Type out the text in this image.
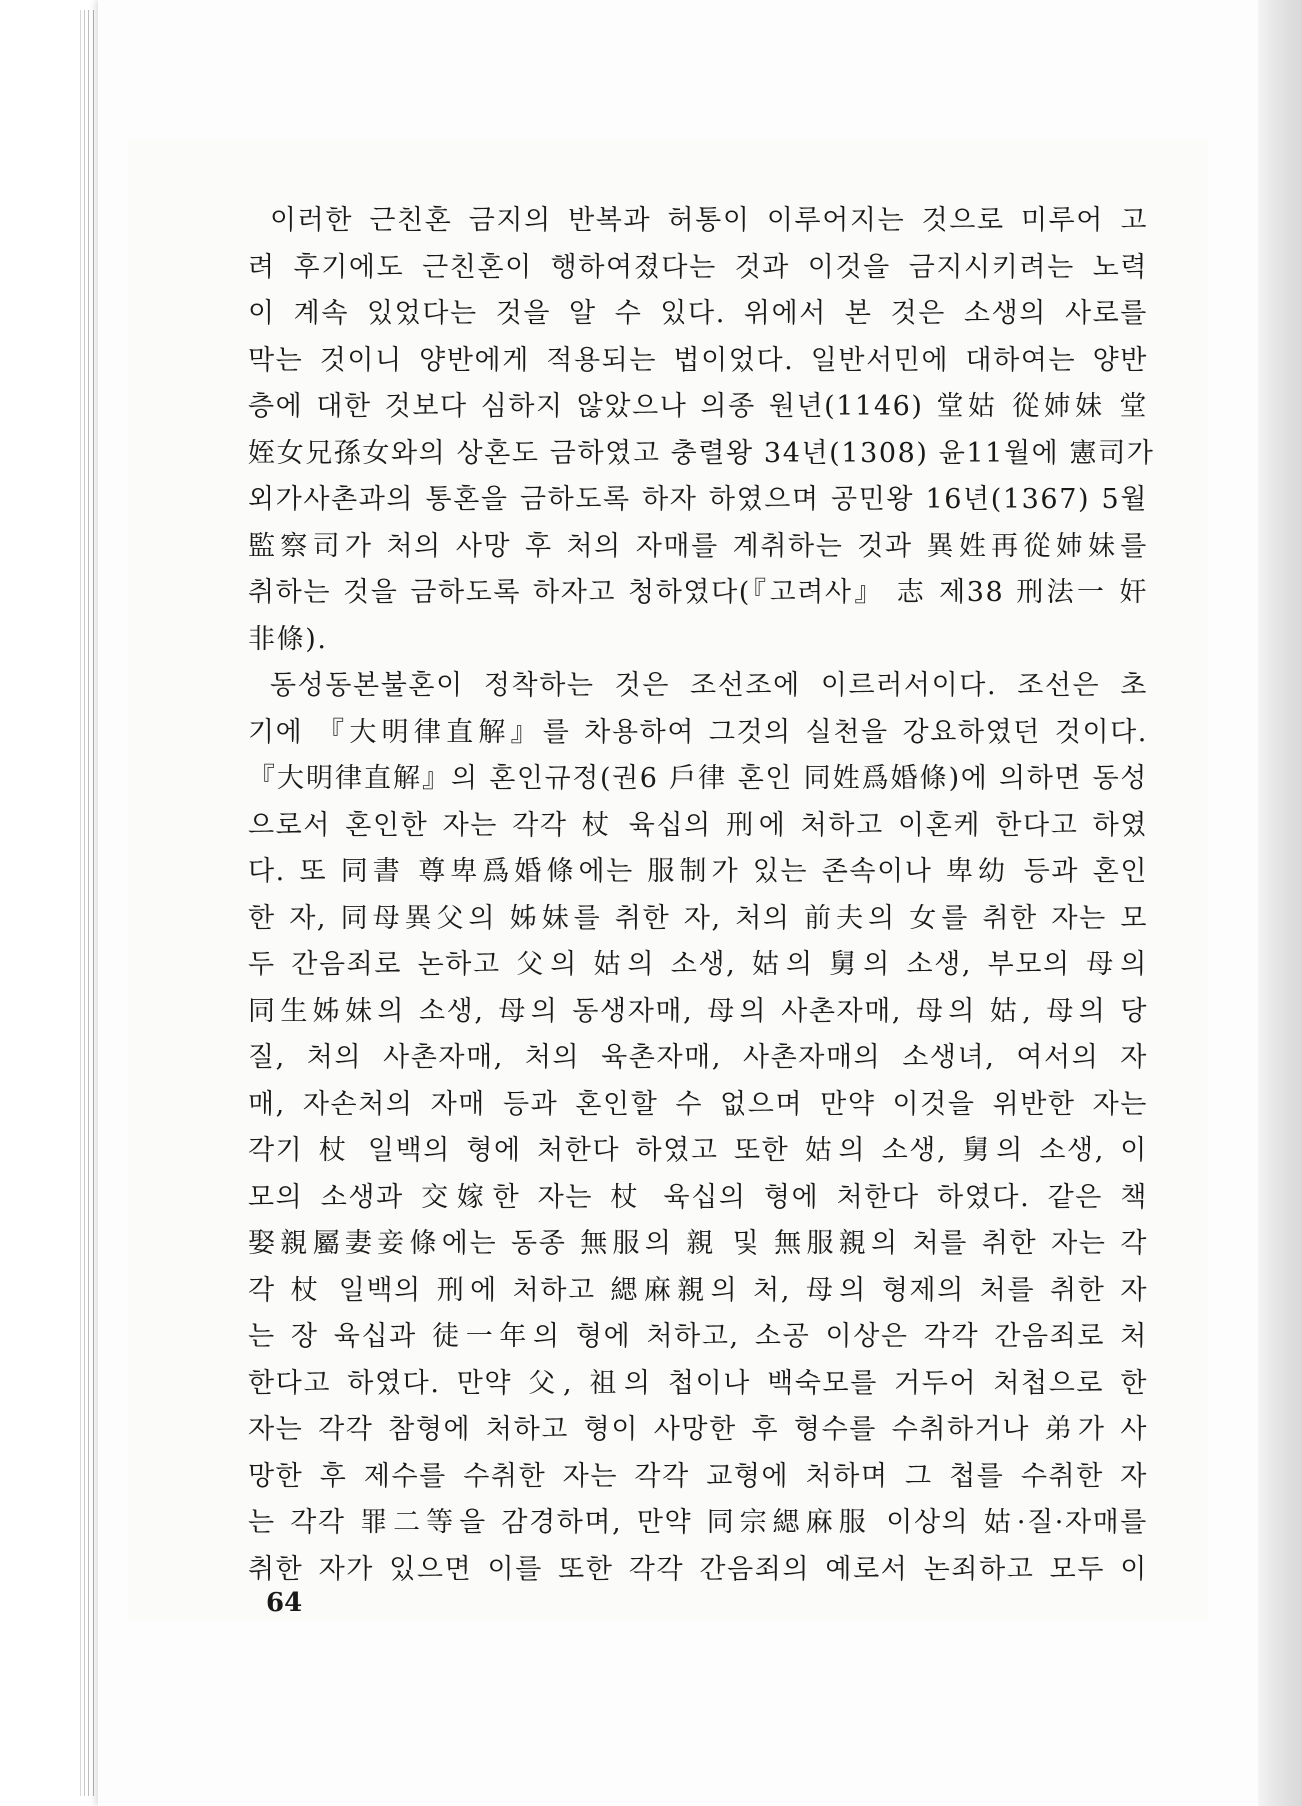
이러한 근친혼 금지의 반복과 허통이 이루어지는 것으로 미루어 고
려 후기에도 근친혼이 행하여졌다는 것과 이것을 금지시키려는 노력
이 계속 있었다는 것을 알 수 있다. 위에서 본 것은 소생의 사로를
막는 것이니 양반에게 적용되는 법이었다. 일반서민에 대하여는 양반
층에 대한 것보다 심하지 않았으나 의종 원년(1146) 堂姑 從姉妹 堂
姪女兄孫女와의 상혼도 금하였고 충렬왕 34년(1308) 윤11월에 憲司가
외가사촌과의 통혼을 금하도록 하자 하였으며 공민왕 16년(1367) 5월
監察司가 처의 사망 후 처의 자매를 계취하는 것과 異姓再從姉妹를
취하는 것을 금하도록 하자고 청하였다(『고려사』 志 제38 刑法一 奸
非條).
동성동본불혼이 정착하는 것은 조선조에 이르러서이다. 조선은 초
기에 『大明律直解』를 차용하여 그것의 실천을 강요하였던 것이다.
『大明律直解』의 혼인규정(권6 戶律 혼인 同姓爲婚條)에 의하면 동성
으로서 혼인한 자는 각각 杖 육십의 刑에 처하고 이혼케 한다고 하였
다. 또 同書 尊卑爲婚條에는 服制가 있는 존속이나 卑幼 등과 혼인
한 자, 同母異父의 姊妹를 취한 자, 처의 前夫의 女를 취한 자는 모
두 간음죄로 논하고 父의 姑의 소생, 姑의 舅의 소생, 부모의 母의
同生姊妹의 소생, 母의 동생자매, 母의 사촌자매, 母의 姑, 母의 당
질, 처의 사촌자매, 처의 육촌자매, 사촌자매의 소생녀, 여서의 자
매, 자손처의 자매 등과 혼인할 수 없으며 만약 이것을 위반한 자는
각기 杖 일백의 형에 처한다 하였고 또한 姑의 소생, 舅의 소생, 이
모의 소생과 交嫁한 자는 杖 육십의 형에 처한다 하였다. 같은 책
娶親屬妻妾條에는 동종 無服의 親 및 無服親의 처를 취한 자는 각
각 杖 일백의 刑에 처하고 緦麻親의 처, 母의 형제의 처를 취한 자
는 장 육십과 徒一年의 형에 처하고, 소공 이상은 각각 간음죄로 처
한다고 하였다. 만약 父, 祖의 첩이나 백숙모를 거두어 처첩으로 한
자는 각각 참형에 처하고 형이 사망한 후 형수를 수취하거나 弟가 사
망한 후 제수를 수취한 자는 각각 교형에 처하며 그 첩를 수취한 자
는 각각 罪二等을 감경하며, 만약 同宗緦麻服 이상의 姑·질·자매를
취한 자가 있으면 이를 또한 각각 간음죄의 예로서 논죄하고 모두 이
64
